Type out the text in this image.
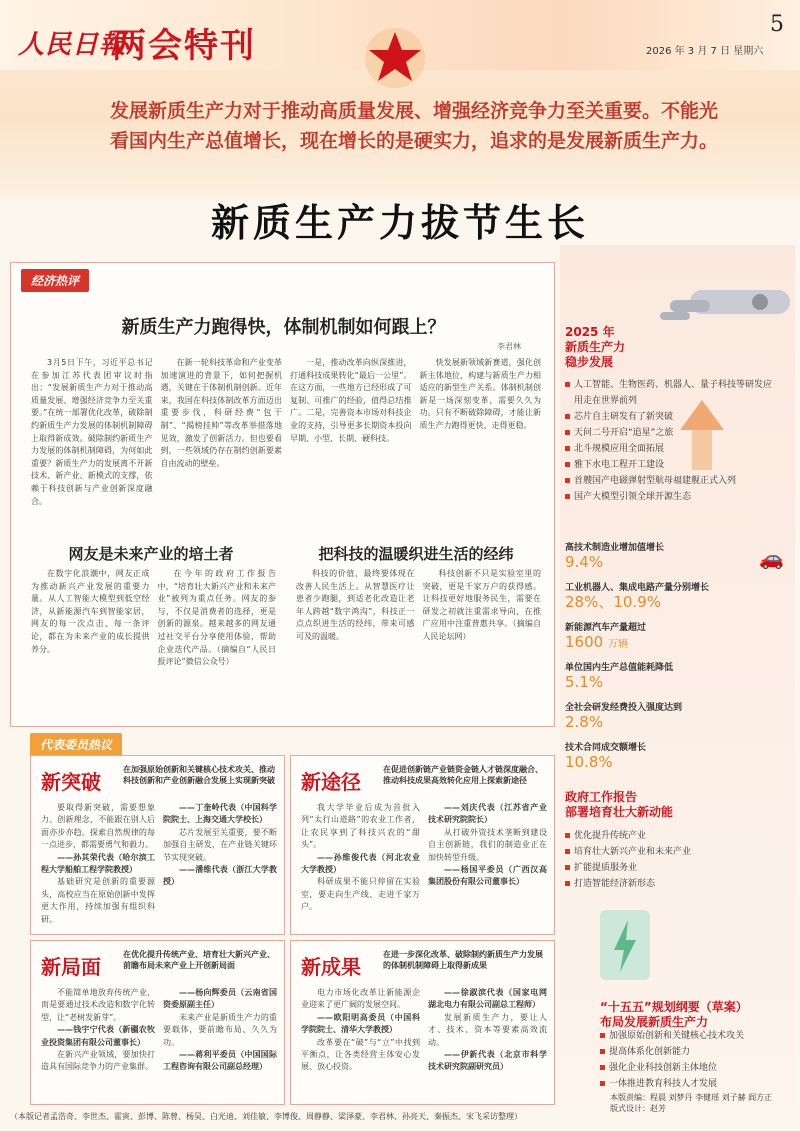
人民日報
两会特刊
5
2026 年 3 月 7 日 星期六
发展新质生产力对于推动高质量发展、增强经济竞争力至关重要。不能光看国内生产总值增长，现在增长的是硬实力，追求的是发展新质生产力。
新质生产力拔节生长
经济热评
新质生产力跑得快，体制机制如何跟上？
李君林

3月5日下午，习近平总书记在参加江苏代表团审议时指出：“发展新质生产力对于推动高质量发展、增强经济竞争力至关重要。”在统一部署优化改革，破除制约新质生产力发展的体制机制障碍上取得新成效。破除制约新质生产力发展的体制机制障碍，为何如此重要？新质生产力的发展离不开新技术、新产业、新模式的支撑，依赖于科技创新与产业创新深度融合。

在新一轮科技革命和产业变革加速演进的背景下，如何把握机遇，关键在于体制机制创新。近年来，我国在科技体制改革方面迈出重要步伐，科研经费“包干制”、“揭榜挂帅”等改革举措落地见效，激发了创新活力。但也要看到，一些领域仍存在制约创新要素自由流动的壁垒。

一是，推动改革向纵深推进，打通科技成果转化“最后一公里”。在这方面，一些地方已经形成了可复制、可推广的经验，值得总结推广。二是，完善资本市场对科技企业的支持，引导更多长期资本投向早期、小型、长期、硬科技。

快发展新领域新赛道，强化创新主体地位，构建与新质生产力相适应的新型生产关系。体制机制创新是一场深刻变革，需要久久为功。只有不断破除障碍，才能让新质生产力跑得更快、走得更稳。

网友是未来产业的培土者	把科技的温暖织进生活的经纬

在数字化浪潮中，网友正成为推动新兴产业发展的重要力量。从人工智能大模型到低空经济，从新能源汽车到智能家居，网友的每一次点击、每一条评论，都在为未来产业的成长提供养分。

在今年的政府工作报告中，“培育壮大新兴产业和未来产业”被列为重点任务。网友的参与，不仅是消费者的选择，更是创新的源泉。越来越多的网友通过社交平台分享使用体验，帮助企业迭代产品。（摘编自“人民日报评论”微信公众号）

科技的价值，最终要体现在改善人民生活上。从智慧医疗让患者少跑腿，到适老化改造让老年人跨越“数字鸿沟”，科技正一点点织进生活的经纬，带来可感可及的温暖。

科技创新不只是实验室里的突破，更是千家万户的获得感。让科技更好地服务民生，需要在研发之初就注重需求导向，在推广应用中注重普惠共享。（摘编自人民论坛网）

代表委员热议
新突破
在加强原始创新和关键核心技术攻关、推动科技创新和产业创新融合发展上实现新突破

要取得新突破，需要想象力、创新理念，不能跟在别人后面亦步亦趋。探索自然规律的每一点进步，都需要勇气和毅力。

——孙其荣代表（哈尔滨工程大学船舶工程学院教授）

基础研究是创新的重要源头，高校应当在原始创新中发挥更大作用，持续加强有组织科研。

——丁奎岭代表（中国科学院院士、上海交通大学校长）

芯片发展至关重要，要不断加强自主研发，在产业链关键环节实现突破。

——潘维代表（浙江大学教授）

新途径
在促进创新链产业链资金链人才链深度融合、推动科技成果高效转化应用上探索新途径

我大学毕业后成为首批入列“太行山道路”的农业工作者，让农民享到了科技兴农的“甜头”。

——孙维俊代表（河北农业大学教授）

科研成果不能只停留在实验室，要走向生产线、走进千家万户。

——刘庆代表（江苏省产业技术研究院院长）

从打破外资技术垄断到建设自主创新链，我们的制造业正在加快转型升级。

——杨国平委员（广西汉高集团股份有限公司董事长）

新局面
在优化提升传统产业、培育壮大新兴产业、前瞻布局未来产业上开创新局面

不能简单地放弃传统产业，而是要通过技术改造和数字化转型，让“老树发新芽”。

——钱宇宁代表（新疆农牧业投资集团有限公司董事长）

在新兴产业领域，要加快打造具有国际竞争力的产业集群。

——杨向辉委员（云南省国资委原副主任）

未来产业是新质生产力的重要载体，要前瞻布局、久久为功。

——蒋利平委员（中国国际工程咨询有限公司副总经理）

新成果
在进一步深化改革、破除制约新质生产力发展的体制机制障碍上取得新成果

电力市场化改革让新能源企业迎来了更广阔的发展空间。

——欧阳明高委员（中国科学院院士、清华大学教授）

改革要在“破”与“立”中找到平衡点，让各类经营主体安心发展、放心投资。

——徐淑滨代表（国家电网湖北电力有限公司副总工程师）

发展新质生产力，要让人才、技术、资本等要素高效流动。

——伊新代表（北京市科学技术研究院副研究员）

2025 年
新质生产力
稳步发展
人工智能、生物医药、机器人、量子科技等研发应用走在世界前列
芯片自主研发有了新突破
天问二号开启“追星”之旅
北斗规模应用全面拓展
雅下水电工程开工建设
首艘国产电磁弹射型航母福建舰正式入列
国产大模型引领全球开源生态
高技术制造业增加值增长
9.4%	🚗
工业机器人、集成电路产量分别增长
28%、10.9%
新能源汽车产量超过
1600 万辆
单位国内生产总值能耗降低
5.1%
全社会研发经费投入强度达到
2.8%
技术合同成交额增长
10.8%
政府工作报告
部署培育壮大新动能
优化提升传统产业
培育壮大新兴产业和未来产业
扩能提质服务业
打造智能经济新形态
“十五五”规划纲要（草案）
布局发展新质生产力
加强原始创新和关键核心技术攻关
提高体系化创新能力
强化企业科技创新主体地位
一体推进教育科技人才发展
本版责编：程晨 刘梦丹 李健瑶 刘子赫 阎方正
版式设计：赵芳
（本版记者孟浩奇、李世杰、霍寅、彭博、陈曾、杨昊、白光迪、刘佳敏、李博俊、周静静、梁泽豪、李君林、孙亮天、秦振杰、宋飞采访整理）
